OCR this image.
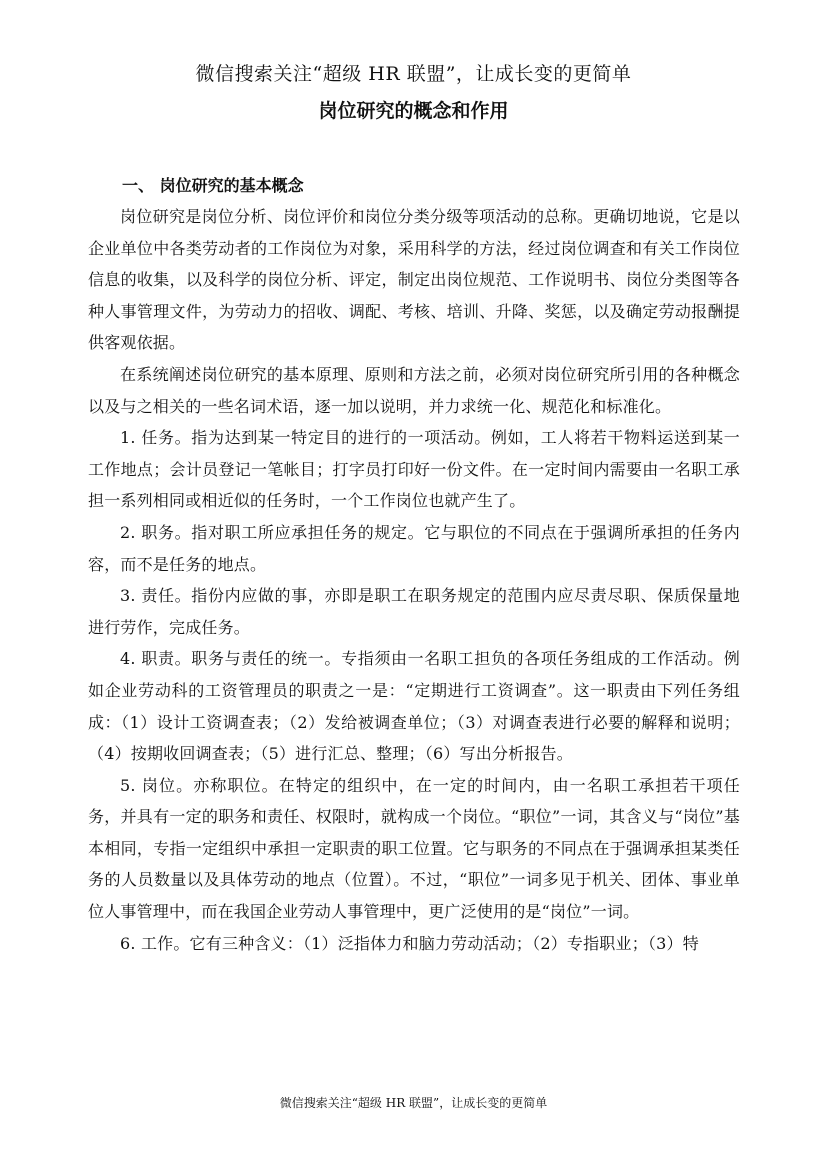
微信搜索关注“超级 HR 联盟”，让成长变的更简单
岗位研究的概念和作用
一、 岗位研究的基本概念

岗位研究是岗位分析、岗位评价和岗位分类分级等项活动的总称。更确切地说，它是以企业单位中各类劳动者的工作岗位为对象，采用科学的方法，经过岗位调查和有关工作岗位信息的收集，以及科学的岗位分析、评定，制定出岗位规范、工作说明书、岗位分类图等各种人事管理文件，为劳动力的招收、调配、考核、培训、升降、奖惩，以及确定劳动报酬提供客观依据。

在系统阐述岗位研究的基本原理、原则和方法之前，必须对岗位研究所引用的各种概念以及与之相关的一些名词术语，逐一加以说明，并力求统一化、规范化和标准化。

1. 任务。指为达到某一特定目的进行的一项活动。例如，工人将若干物料运送到某一工作地点；会计员登记一笔帐目；打字员打印好一份文件。在一定时间内需要由一名职工承担一系列相同或相近似的任务时，一个工作岗位也就产生了。

2. 职务。指对职工所应承担任务的规定。它与职位的不同点在于强调所承担的任务内容，而不是任务的地点。

3. 责任。指份内应做的事，亦即是职工在职务规定的范围内应尽责尽职、保质保量地进行劳作，完成任务。

4. 职责。职务与责任的统一。专指须由一名职工担负的各项任务组成的工作活动。例如企业劳动科的工资管理员的职责之一是：“定期进行工资调查”。这一职责由下列任务组成：（1）设计工资调查表；（2）发给被调查单位；（3）对调查表进行必要的解释和说明；（4）按期收回调查表；（5）进行汇总、整理；（6）写出分析报告。

5. 岗位。亦称职位。在特定的组织中，在一定的时间内，由一名职工承担若干项任务，并具有一定的职务和责任、权限时，就构成一个岗位。“职位”一词，其含义与“岗位”基本相同，专指一定组织中承担一定职责的职工位置。它与职务的不同点在于强调承担某类任务的人员数量以及具体劳动的地点（位置）。不过，“职位”一词多见于机关、团体、事业单位人事管理中，而在我国企业劳动人事管理中，更广泛使用的是“岗位”一词。

6. 工作。它有三种含义：（1）泛指体力和脑力劳动活动；（2）专指职业；（3）特

微信搜索关注“超级 HR 联盟”，让成长变的更简单
